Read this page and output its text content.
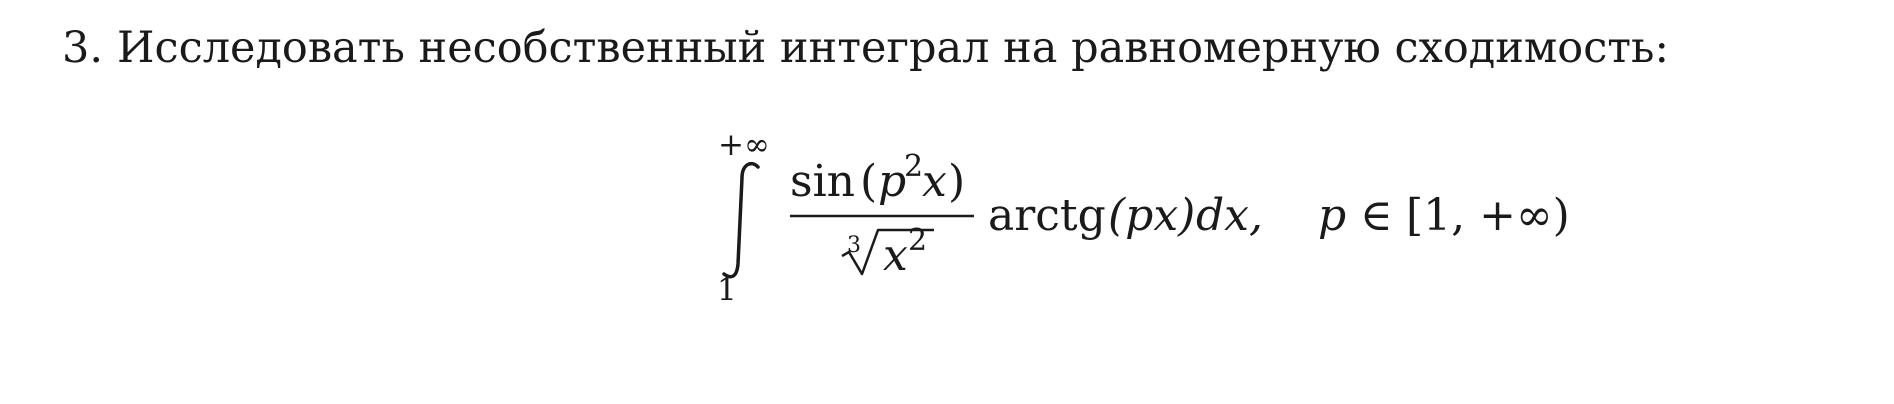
3. Исследовать несобственный интеграл на равномерную сходимость:
+∞
1
sin ( p 2 x )
3 x 2 arctg (px) dx, p ∈ [1, +∞)
